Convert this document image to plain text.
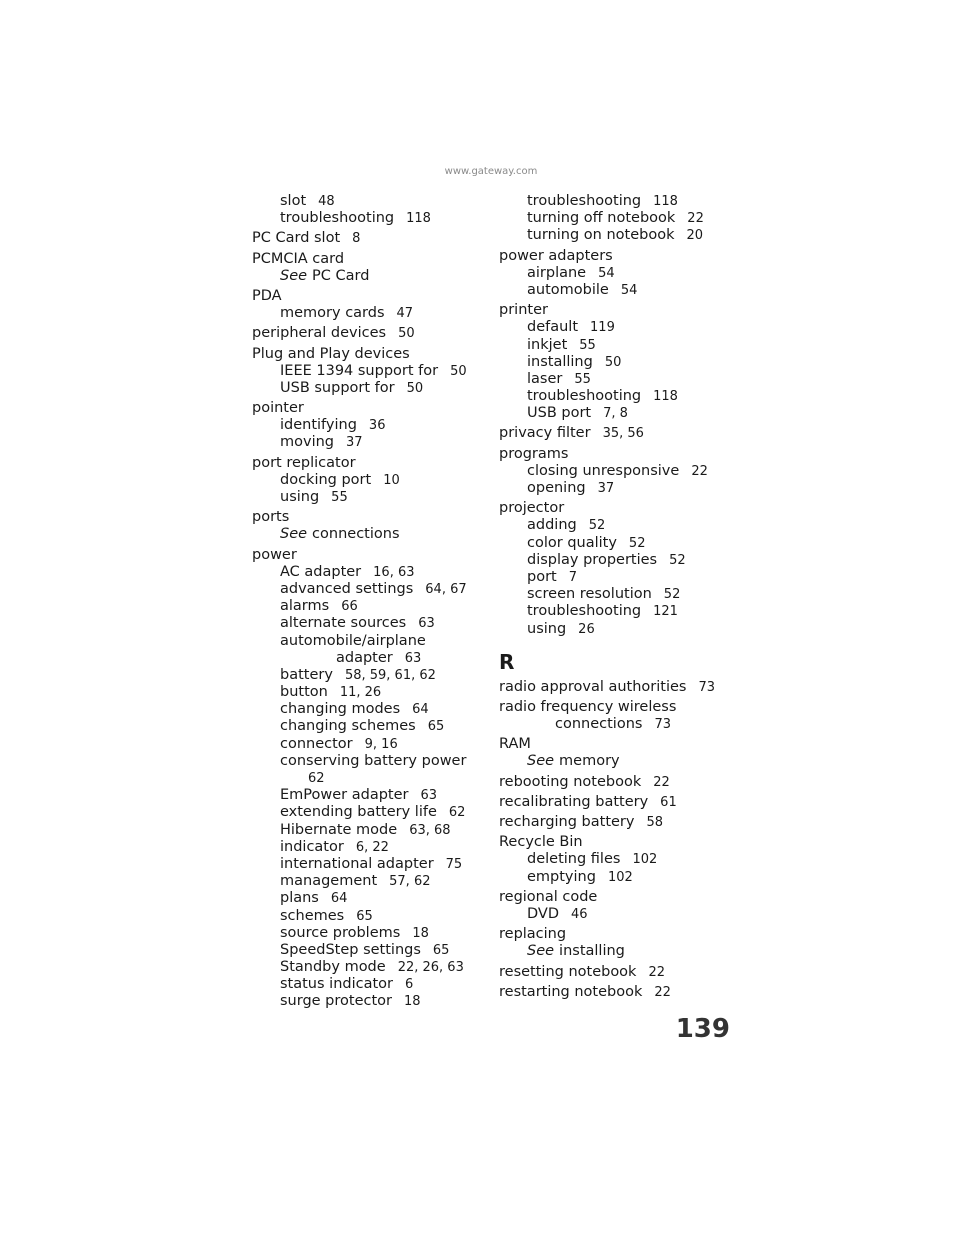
www.gateway.com
slot 48
troubleshooting 118
PC Card slot 8
PCMCIA card
See PC Card
PDA
memory cards 47
peripheral devices 50
Plug and Play devices
IEEE 1394 support for 50
USB support for 50
pointer
identifying 36
moving 37
port replicator
docking port 10
using 55
ports
See connections
power
AC adapter 16, 63
advanced settings 64, 67
alarms 66
alternate sources 63
automobile/airplane
adapter 63
battery 58, 59, 61, 62
button 11, 26
changing modes 64
changing schemes 65
connector 9, 16
conserving battery power
62
EmPower adapter 63
extending battery life 62
Hibernate mode 63, 68
indicator 6, 22
international adapter 75
management 57, 62
plans 64
schemes 65
source problems 18
SpeedStep settings 65
Standby mode 22, 26, 63
status indicator 6
surge protector 18
troubleshooting 118
turning off notebook 22
turning on notebook 20
power adapters
airplane 54
automobile 54
printer
default 119
inkjet 55
installing 50
laser 55
troubleshooting 118
USB port 7, 8
privacy filter 35, 56
programs
closing unresponsive 22
opening 37
projector
adding 52
color quality 52
display properties 52
port 7
screen resolution 52
troubleshooting 121
using 26
R
radio approval authorities 73
radio frequency wireless
connections 73
RAM
See memory
rebooting notebook 22
recalibrating battery 61
recharging battery 58
Recycle Bin
deleting files 102
emptying 102
regional code
DVD 46
replacing
See installing
resetting notebook 22
restarting notebook 22
139
